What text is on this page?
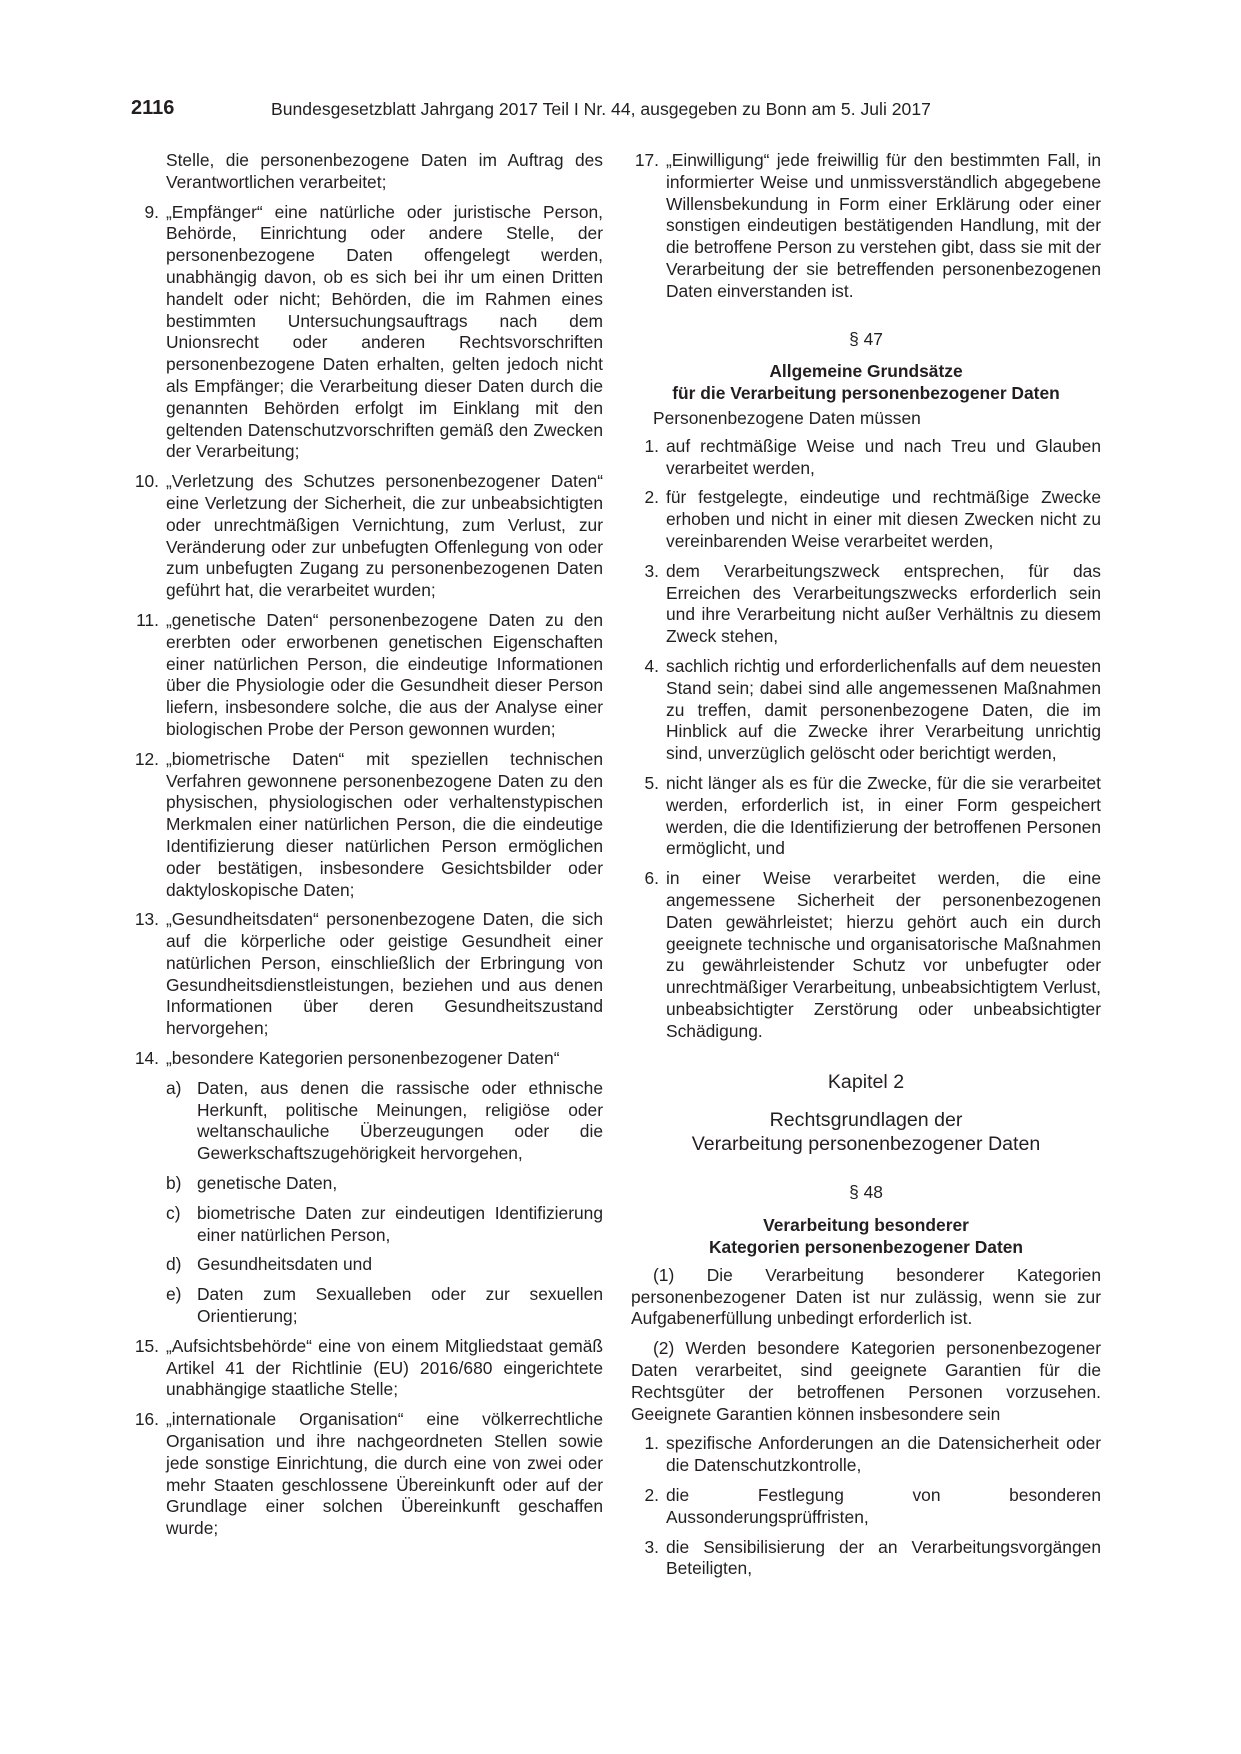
2116	Bundesgesetzblatt Jahrgang 2017 Teil I Nr. 44, ausgegeben zu Bonn am 5. Juli 2017
Stelle, die personenbezogene Daten im Auftrag des Verantwortlichen verarbeitet;
9. „Empfänger“ eine natürliche oder juristische Person, Behörde, Einrichtung oder andere Stelle, der personenbezogene Daten offengelegt werden, unabhängig davon, ob es sich bei ihr um einen Dritten handelt oder nicht; Behörden, die im Rahmen eines bestimmten Untersuchungsauftrags nach dem Unionsrecht oder anderen Rechtsvorschriften personenbezogene Daten erhalten, gelten jedoch nicht als Empfänger; die Verarbeitung dieser Daten durch die genannten Behörden erfolgt im Einklang mit den geltenden Datenschutzvorschriften gemäß den Zwecken der Verarbeitung;
10. „Verletzung des Schutzes personenbezogener Daten“ eine Verletzung der Sicherheit, die zur unbeabsichtigten oder unrechtmäßigen Vernichtung, zum Verlust, zur Veränderung oder zur unbefugten Offenlegung von oder zum unbefugten Zugang zu personenbezogenen Daten geführt hat, die verarbeitet wurden;
11. „genetische Daten“ personenbezogene Daten zu den ererbten oder erworbenen genetischen Eigenschaften einer natürlichen Person, die eindeutige Informationen über die Physiologie oder die Gesundheit dieser Person liefern, insbesondere solche, die aus der Analyse einer biologischen Probe der Person gewonnen wurden;
12. „biometrische Daten“ mit speziellen technischen Verfahren gewonnene personenbezogene Daten zu den physischen, physiologischen oder verhaltenstypischen Merkmalen einer natürlichen Person, die die eindeutige Identifizierung dieser natürlichen Person ermöglichen oder bestätigen, insbesondere Gesichtsbilder oder daktyloskopische Daten;
13. „Gesundheitsdaten“ personenbezogene Daten, die sich auf die körperliche oder geistige Gesundheit einer natürlichen Person, einschließlich der Erbringung von Gesundheitsdienstleistungen, beziehen und aus denen Informationen über deren Gesundheitszustand hervorgehen;
14. „besondere Kategorien personenbezogener Daten“
a) Daten, aus denen die rassische oder ethnische Herkunft, politische Meinungen, religiöse oder weltanschauliche Überzeugungen oder die Gewerkschaftszugehörigkeit hervorgehen,
b) genetische Daten,
c) biometrische Daten zur eindeutigen Identifizierung einer natürlichen Person,
d) Gesundheitsdaten und
e) Daten zum Sexualleben oder zur sexuellen Orientierung;
15. „Aufsichtsbehörde“ eine von einem Mitgliedstaat gemäß Artikel 41 der Richtlinie (EU) 2016/680 eingerichtete unabhängige staatliche Stelle;
16. „internationale Organisation“ eine völkerrechtliche Organisation und ihre nachgeordneten Stellen sowie jede sonstige Einrichtung, die durch eine von zwei oder mehr Staaten geschlossene Übereinkunft oder auf der Grundlage einer solchen Übereinkunft geschaffen wurde;
17. „Einwilligung“ jede freiwillig für den bestimmten Fall, in informierter Weise und unmissverständlich abgegebene Willensbekundung in Form einer Erklärung oder einer sonstigen eindeutigen bestätigenden Handlung, mit der die betroffene Person zu verstehen gibt, dass sie mit der Verarbeitung der sie betreffenden personenbezogenen Daten einverstanden ist.
§ 47
Allgemeine Grundsätze
für die Verarbeitung personenbezogener Daten
Personenbezogene Daten müssen
1. auf rechtmäßige Weise und nach Treu und Glauben verarbeitet werden,
2. für festgelegte, eindeutige und rechtmäßige Zwecke erhoben und nicht in einer mit diesen Zwecken nicht zu vereinbarenden Weise verarbeitet werden,
3. dem Verarbeitungszweck entsprechen, für das Erreichen des Verarbeitungszwecks erforderlich sein und ihre Verarbeitung nicht außer Verhältnis zu diesem Zweck stehen,
4. sachlich richtig und erforderlichenfalls auf dem neuesten Stand sein; dabei sind alle angemessenen Maßnahmen zu treffen, damit personenbezogene Daten, die im Hinblick auf die Zwecke ihrer Verarbeitung unrichtig sind, unverzüglich gelöscht oder berichtigt werden,
5. nicht länger als es für die Zwecke, für die sie verarbeitet werden, erforderlich ist, in einer Form gespeichert werden, die die Identifizierung der betroffenen Personen ermöglicht, und
6. in einer Weise verarbeitet werden, die eine angemessene Sicherheit der personenbezogenen Daten gewährleistet; hierzu gehört auch ein durch geeignete technische und organisatorische Maßnahmen zu gewährleistender Schutz vor unbefugter oder unrechtmäßiger Verarbeitung, unbeabsichtigtem Verlust, unbeabsichtigter Zerstörung oder unbeabsichtigter Schädigung.
Kapitel 2
Rechtsgrundlagen der
Verarbeitung personenbezogener Daten
§ 48
Verarbeitung besonderer
Kategorien personenbezogener Daten
(1) Die Verarbeitung besonderer Kategorien personenbezogener Daten ist nur zulässig, wenn sie zur Aufgabenerfüllung unbedingt erforderlich ist.
(2) Werden besondere Kategorien personenbezogener Daten verarbeitet, sind geeignete Garantien für die Rechtsgüter der betroffenen Personen vorzusehen. Geeignete Garantien können insbesondere sein
1. spezifische Anforderungen an die Datensicherheit oder die Datenschutzkontrolle,
2. die Festlegung von besonderen Aussonderungsprüffristen,
3. die Sensibilisierung der an Verarbeitungsvorgängen Beteiligten,
